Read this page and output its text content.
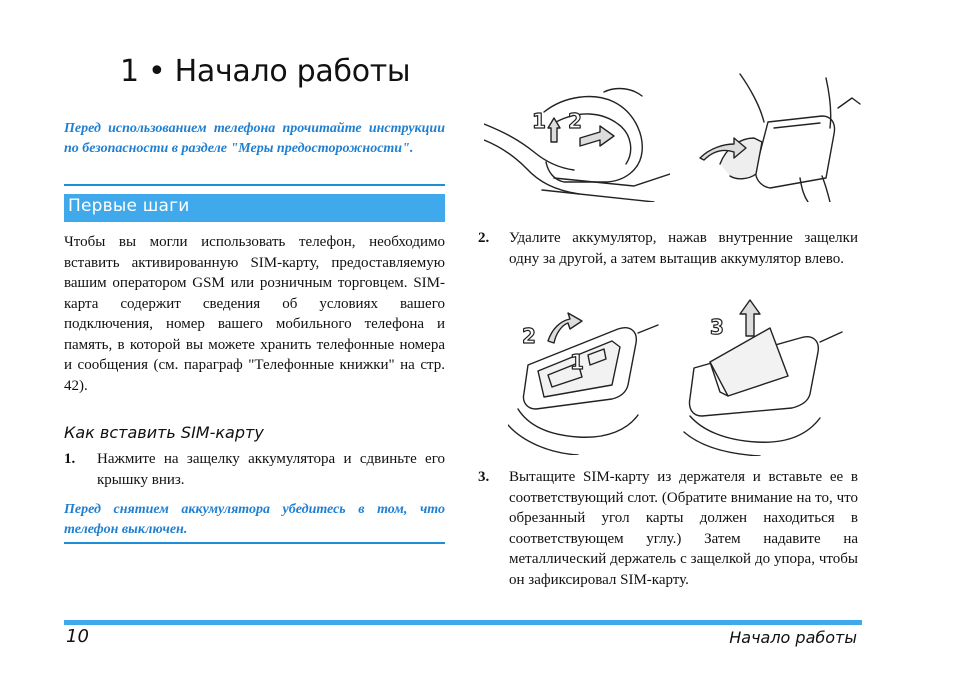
1 • Начало работы

Перед использованием телефона прочитайте инструкции по безопасности в разделе "Меры предосторожности".

Первые шаги

Чтобы вы могли использовать телефон, необходимо вставить активированную SIM-карту, предоставляемую вашим оператором GSM или розничным торговцем. SIM-карта содержит сведения об условиях вашего подключения, номер вашего мобильного телефона и память, в которой вы можете хранить телефонные номера и сообщения (см. параграф "Телефонные книжки" на стр. 42).

Как вставить SIM-карту
1. Нажмите на защелку аккумулятора и сдвиньте его крышку вниз.

Перед снятием аккумулятора убедитесь в том, что телефон выключен.

2. Удалите аккумулятор, нажав внутренние защелки одну за другой, а затем вытащив аккумулятор влево.
3. Вытащите SIM-карту из держателя и вставьте ее в соответствующий слот. (Обратите внимание на то, что обрезанный угол карты должен находиться в соответствующем углу.) Затем надавите на металлический держатель с защелкой до упора, чтобы он зафиксировал SIM-карту.
1 2
2
1
3
10	Начало работы
